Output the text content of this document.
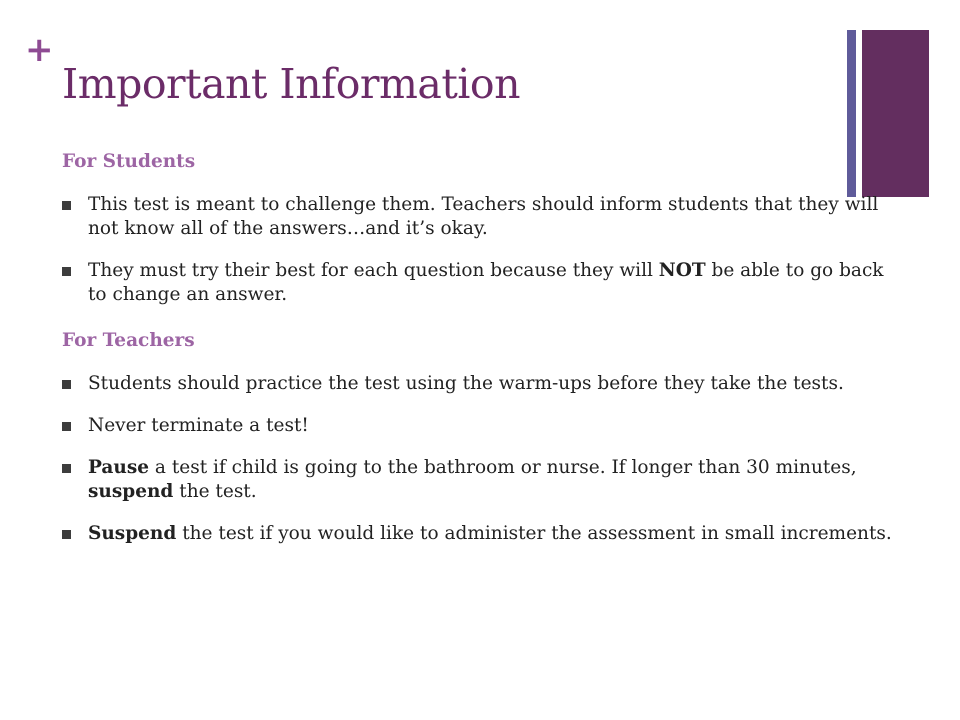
+
Important Information
For Students
This test is meant to challenge them. Teachers should inform students that they will not know all of the answers…and it’s okay.
They must try their best for each question because they will NOT be able to go back to change an answer.
For Teachers
Students should practice the test using the warm-ups before they take the tests.
Never terminate a test!
Pause a test if child is going to the bathroom or nurse. If longer than 30 minutes, suspend the test.
Suspend the test if you would like to administer the assessment in small increments.
